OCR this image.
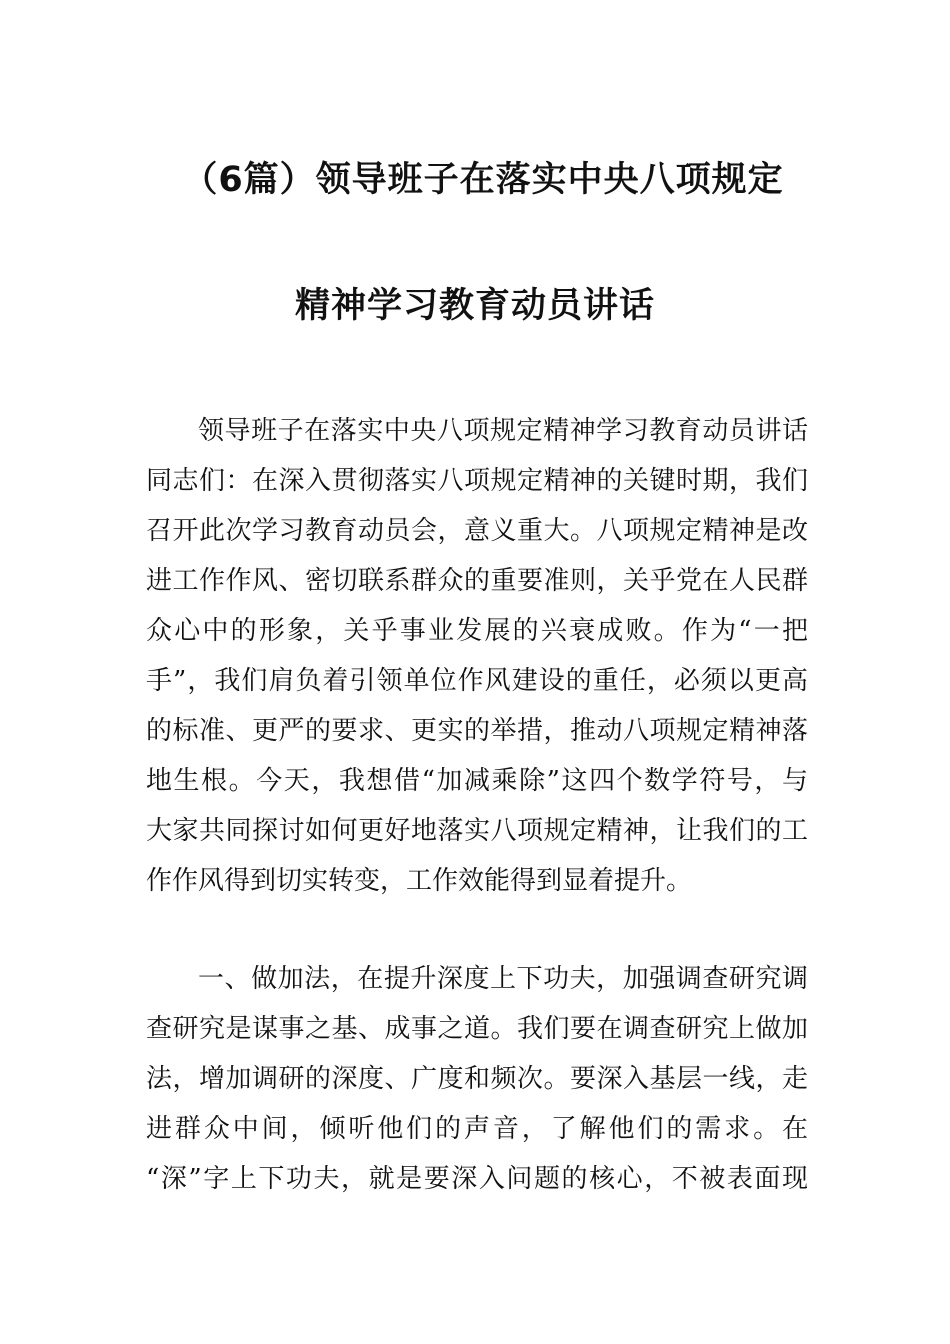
（6篇）领导班子在落实中央八项规定
精神学习教育动员讲话
领导班子在落实中央八项规定精神学习教育动员讲话
同志们：在深入贯彻落实八项规定精神的关键时期，我们
召开此次学习教育动员会，意义重大。八项规定精神是改
进工作作风、密切联系群众的重要准则，关乎党在人民群
众心中的形象，关乎事业发展的兴衰成败。作为“一把
手”，我们肩负着引领单位作风建设的重任，必须以更高
的标准、更严的要求、更实的举措，推动八项规定精神落
地生根。今天，我想借“加减乘除”这四个数学符号，与
大家共同探讨如何更好地落实八项规定精神，让我们的工
作作风得到切实转变，工作效能得到显着提升。
一、做加法，在提升深度上下功夫，加强调查研究调
查研究是谋事之基、成事之道。我们要在调查研究上做加
法，增加调研的深度、广度和频次。要深入基层一线，走
进群众中间，倾听他们的声音，了解他们的需求。在
“深”字上下功夫，就是要深入问题的核心，不被表面现
